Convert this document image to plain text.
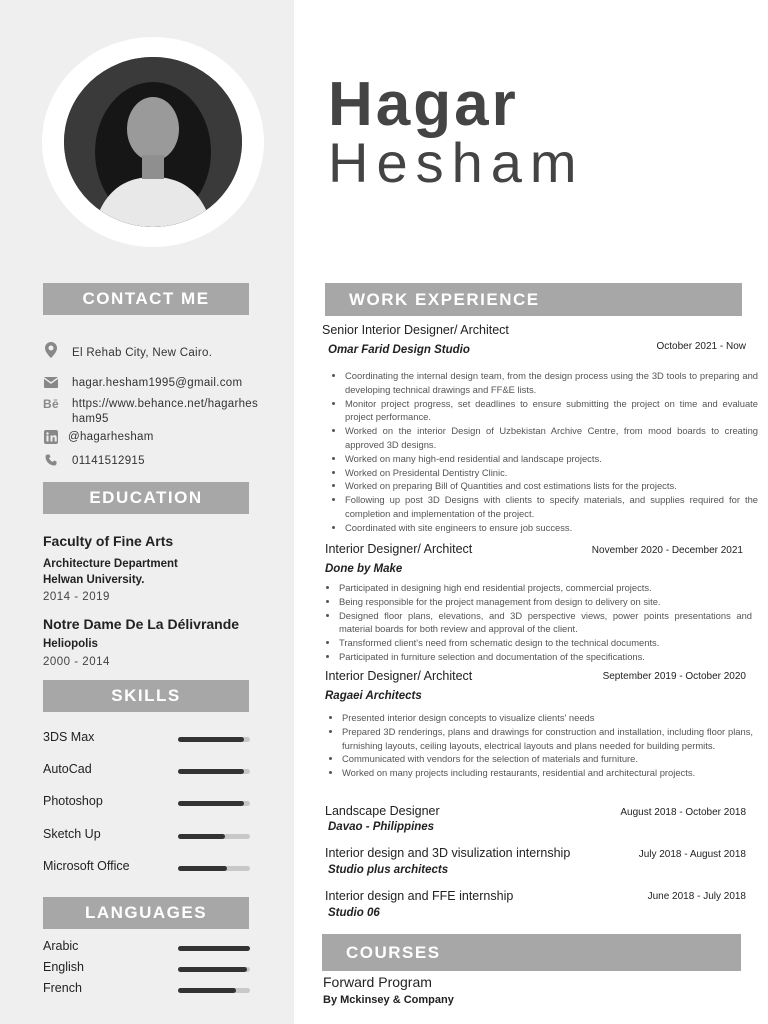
CONTACT ME
El Rehab City, New Cairo.
hagar.hesham1995@gmail.com
Bē https://www.behance.net/hagarhesham95
@hagarhesham
01141512915
EDUCATION
Faculty of Fine Arts
Architecture Department
Helwan University.
2014 - 2019
Notre Dame De La Délivrande
Heliopolis
2000 - 2014
SKILLS
3DS Max
AutoCad
Photoshop
Sketch Up
Microsoft Office
LANGUAGES
Arabic
English
French
Hagar
Hesham
WORK EXPERIENCE
Senior Interior Designer/ Architect
Omar Farid Design Studio	October 2021 - Now
• Coordinating the internal design team, from the design process using the 3D tools to preparing and developing technical drawings and FF&E lists.
• Monitor project progress, set deadlines to ensure submitting the project on time and evaluate project performance.
• Worked on the interior Design of Uzbekistan Archive Centre, from mood boards to creating approved 3D designs.
• Worked on many high-end residential and landscape projects.
• Worked on Presidental Dentistry Clinic.
• Worked on preparing Bill of Quantities and cost estimations lists for the projects.
• Following up post 3D Designs with clients to specify materials, and supplies required for the completion and implementation of the project.
• Coordinated with site engineers to ensure job success.
Interior Designer/ Architect
Done by Make
November 2020 - December 2021
• Participated in designing high end residential projects, commercial projects.
• Being responsible for the project management from design to delivery on site.
• Designed floor plans, elevations, and 3D perspective views, power points presentations and material boards for both review and approval of the client.
• Transformed client's need from schematic design to the technical documents.
• Participated in furniture selection and documentation of the specifications.
Interior Designer/ Architect
Ragaei Architects
September 2019 - October 2020
• Presented interior design concepts to visualize clients' needs
• Prepared 3D renderings, plans and drawings for construction and installation, including floor plans, furnishing layouts, ceiling layouts, electrical layouts and plans needed for building permits.
• Communicated with vendors for the selection of materials and furniture.
• Worked on many projects including restaurants, residential and architectural projects.
Landscape Designer
Davao - Philippines
August 2018 - October 2018
Interior design and 3D visulization internship
Studio plus architects
July 2018 - August 2018
Interior design and FFE internship
Studio 06
June 2018 - July 2018
COURSES
Forward Program
By Mckinsey & Company
